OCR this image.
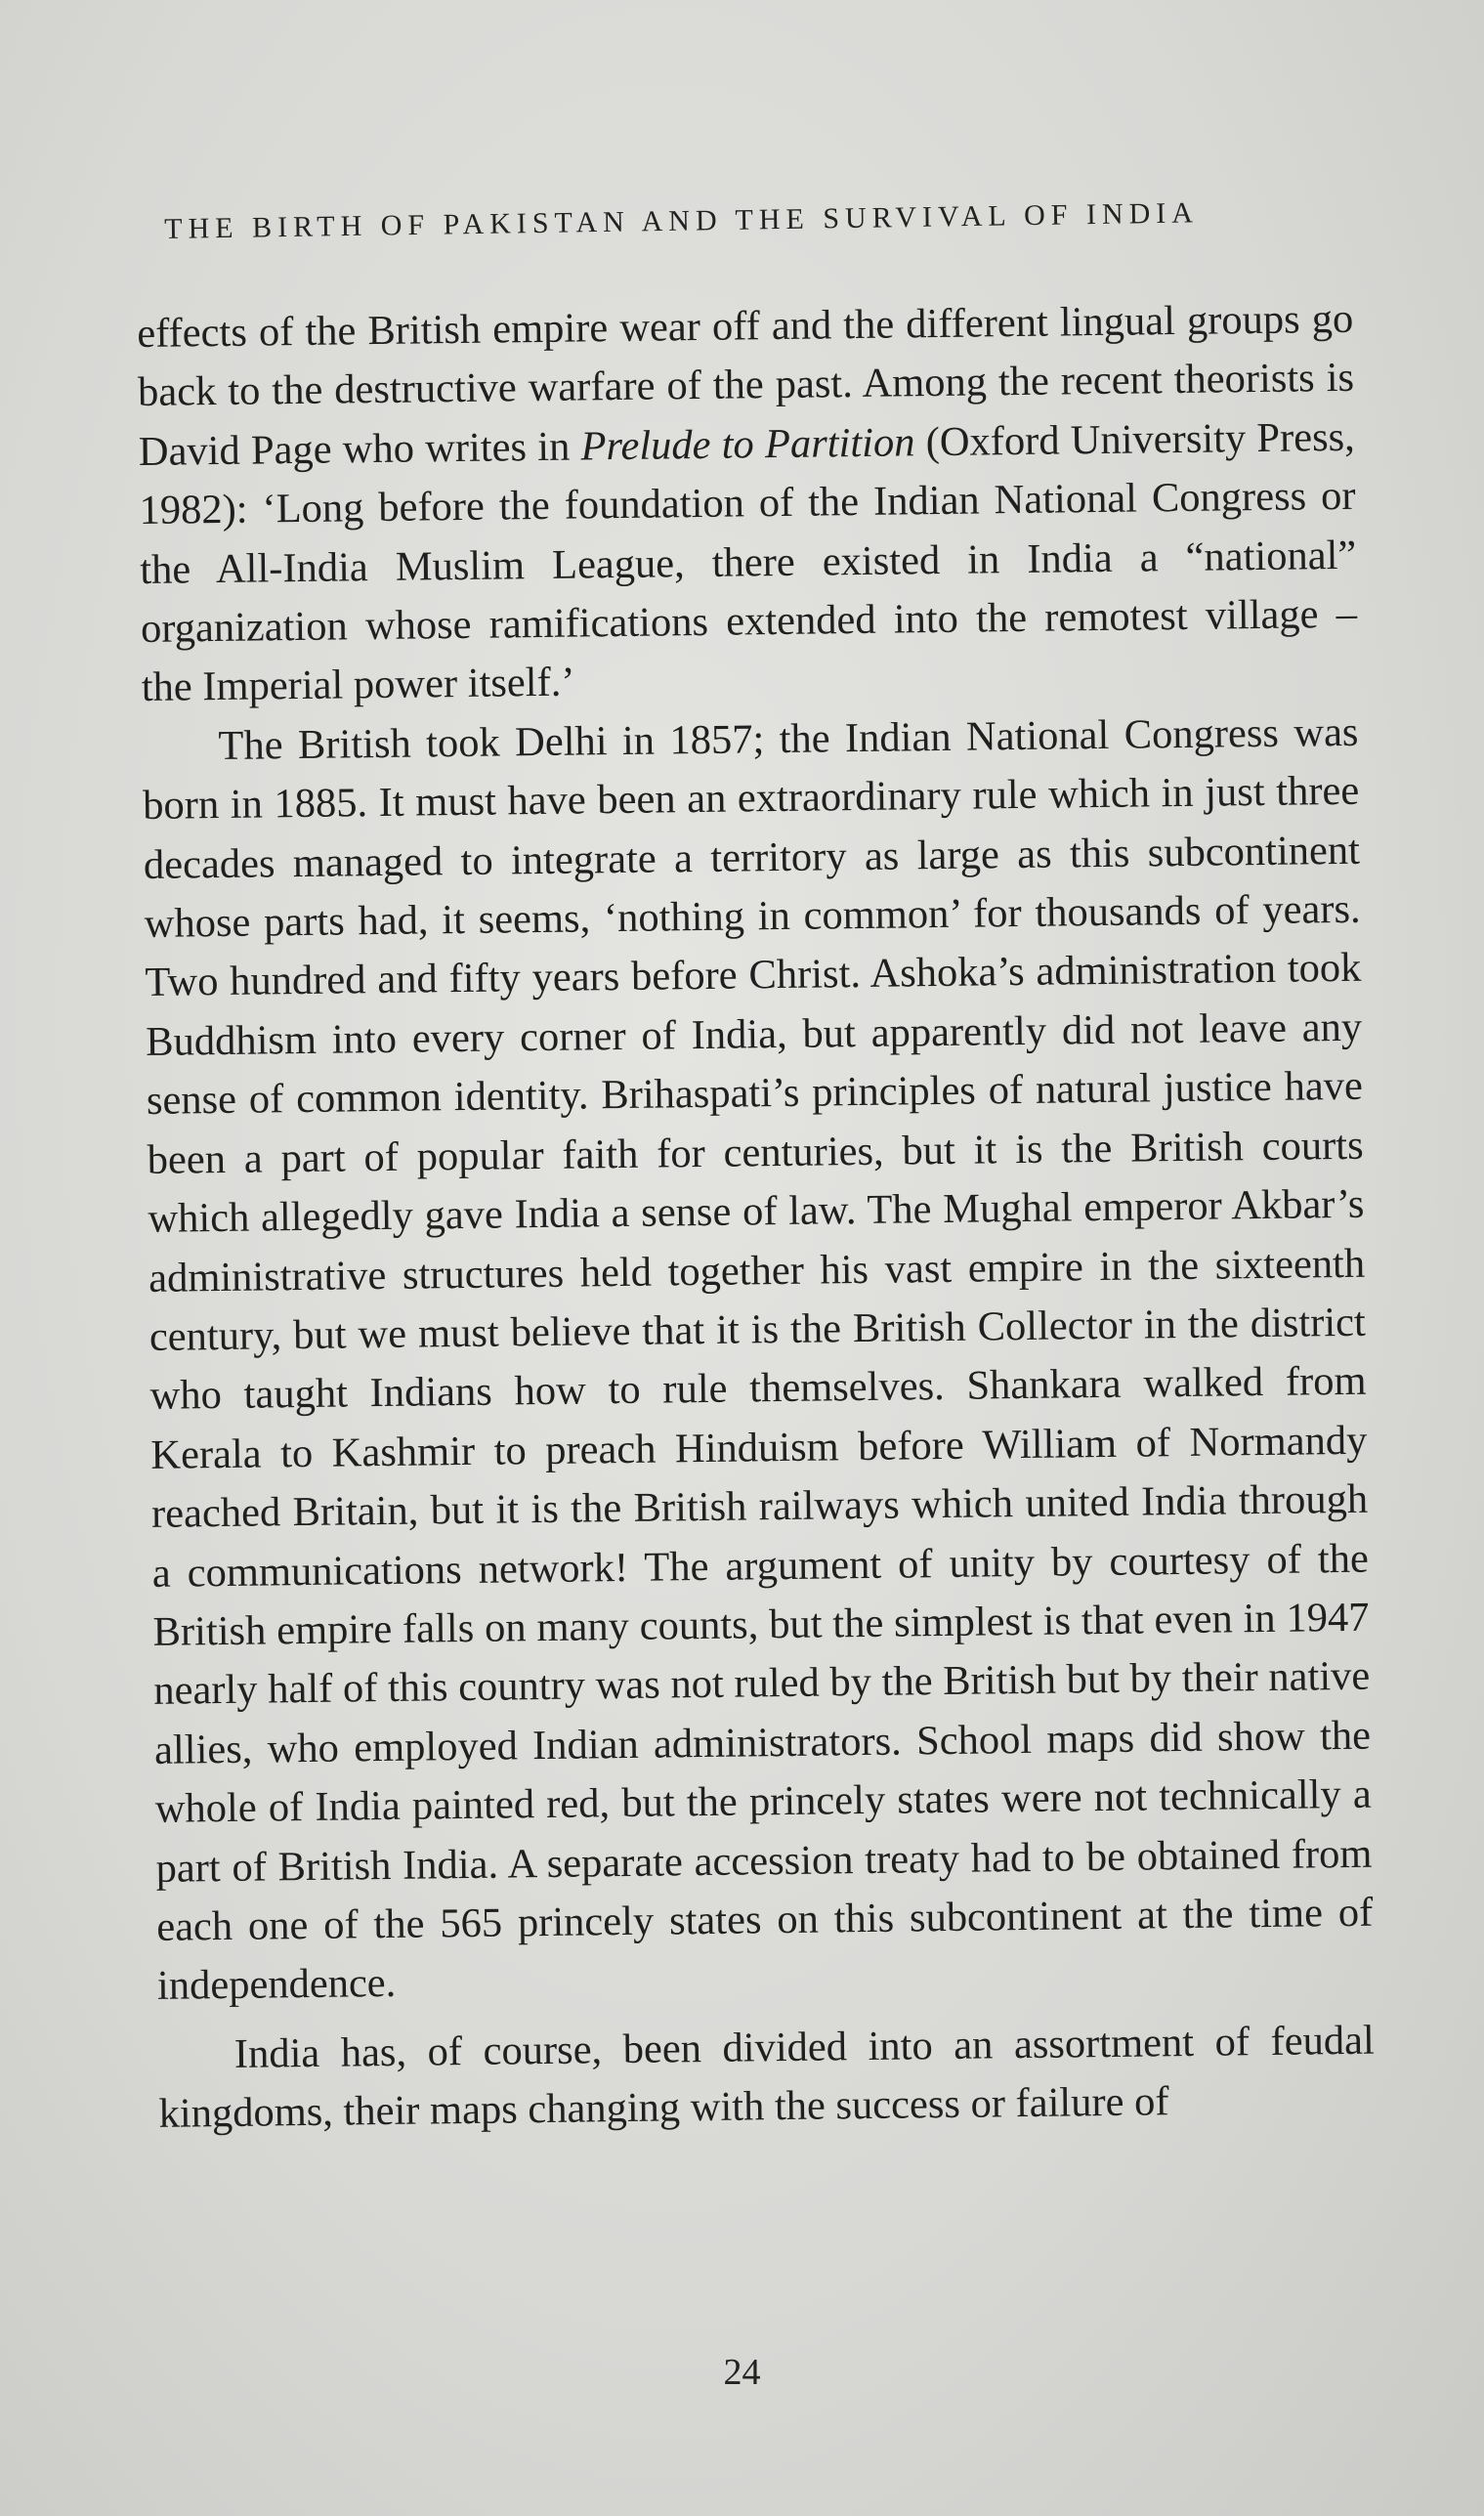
THE BIRTH OF PAKISTAN AND THE SURVIVAL OF INDIA

effects of the British empire wear off and the different lingual groups go back to the destructive warfare of the past. Among the recent theorists is David Page who writes in Prelude to Partition (Oxford University Press, 1982): ‘Long before the foundation of the Indian National Congress or the All-India Muslim League, there existed in India a “national” organization whose ramifications extended into the remotest village – the Imperial power itself.’

The British took Delhi in 1857; the Indian National Congress was born in 1885. It must have been an extraordinary rule which in just three decades managed to integrate a territory as large as this subcontinent whose parts had, it seems, ‘nothing in common’ for thousands of years. Two hundred and fifty years before Christ. Ashoka’s administration took Buddhism into every corner of India, but apparently did not leave any sense of common identity. Brihaspati’s principles of natural justice have been a part of popular faith for centuries, but it is the British courts which allegedly gave India a sense of law. The Mughal emperor Akbar’s administrative structures held together his vast empire in the sixteenth century, but we must believe that it is the British Collector in the district who taught Indians how to rule themselves. Shankara walked from Kerala to Kashmir to preach Hinduism before William of Normandy reached Britain, but it is the British railways which united India through a communications network! The argument of unity by courtesy of the British empire falls on many counts, but the simplest is that even in 1947 nearly half of this country was not ruled by the British but by their native allies, who employed Indian administrators. School maps did show the whole of India painted red, but the princely states were not technically a part of British India. A separate accession treaty had to be obtained from each one of the 565 princely states on this subcontinent at the time of independence.

India has, of course, been divided into an assortment of feudal kingdoms, their maps changing with the success or failure of

24
